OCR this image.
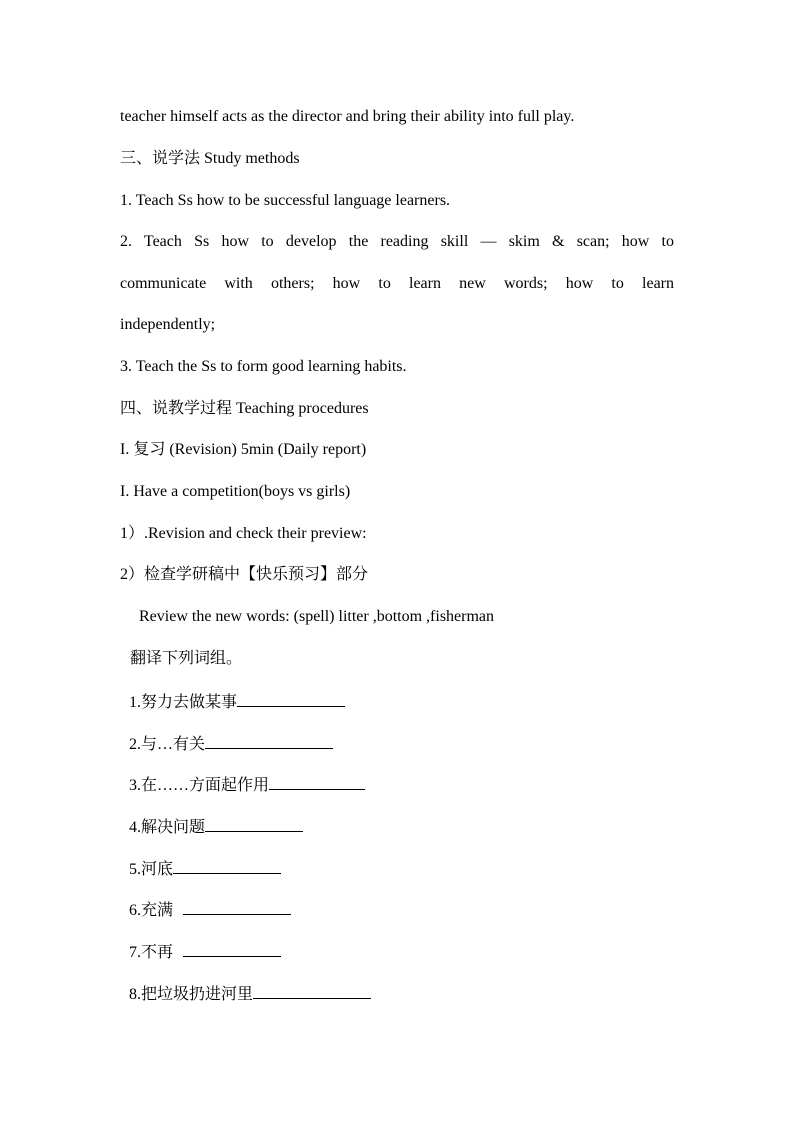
teacher himself acts as the director and bring their ability into full play.
三、说学法 Study methods
1. Teach Ss how to be successful language learners.
2. Teach Ss how to develop the reading skill — skim & scan; how to
communicate with others; how to learn new words; how to learn
independently;
3. Teach the Ss to form good learning habits.
四、说教学过程 Teaching procedures
I. 复习 (Revision) 5min (Daily report)
I. Have a competition(boys vs girls)
1）.Revision and check their preview:
2）检查学研稿中【快乐预习】部分
Review the new words: (spell) litter ,bottom ,fisherman
翻译下列词组。
1.努力去做某事
2.与…有关
3.在……方面起作用
4.解决问题
5.河底
6.充满
7.不再
8.把垃圾扔进河里
